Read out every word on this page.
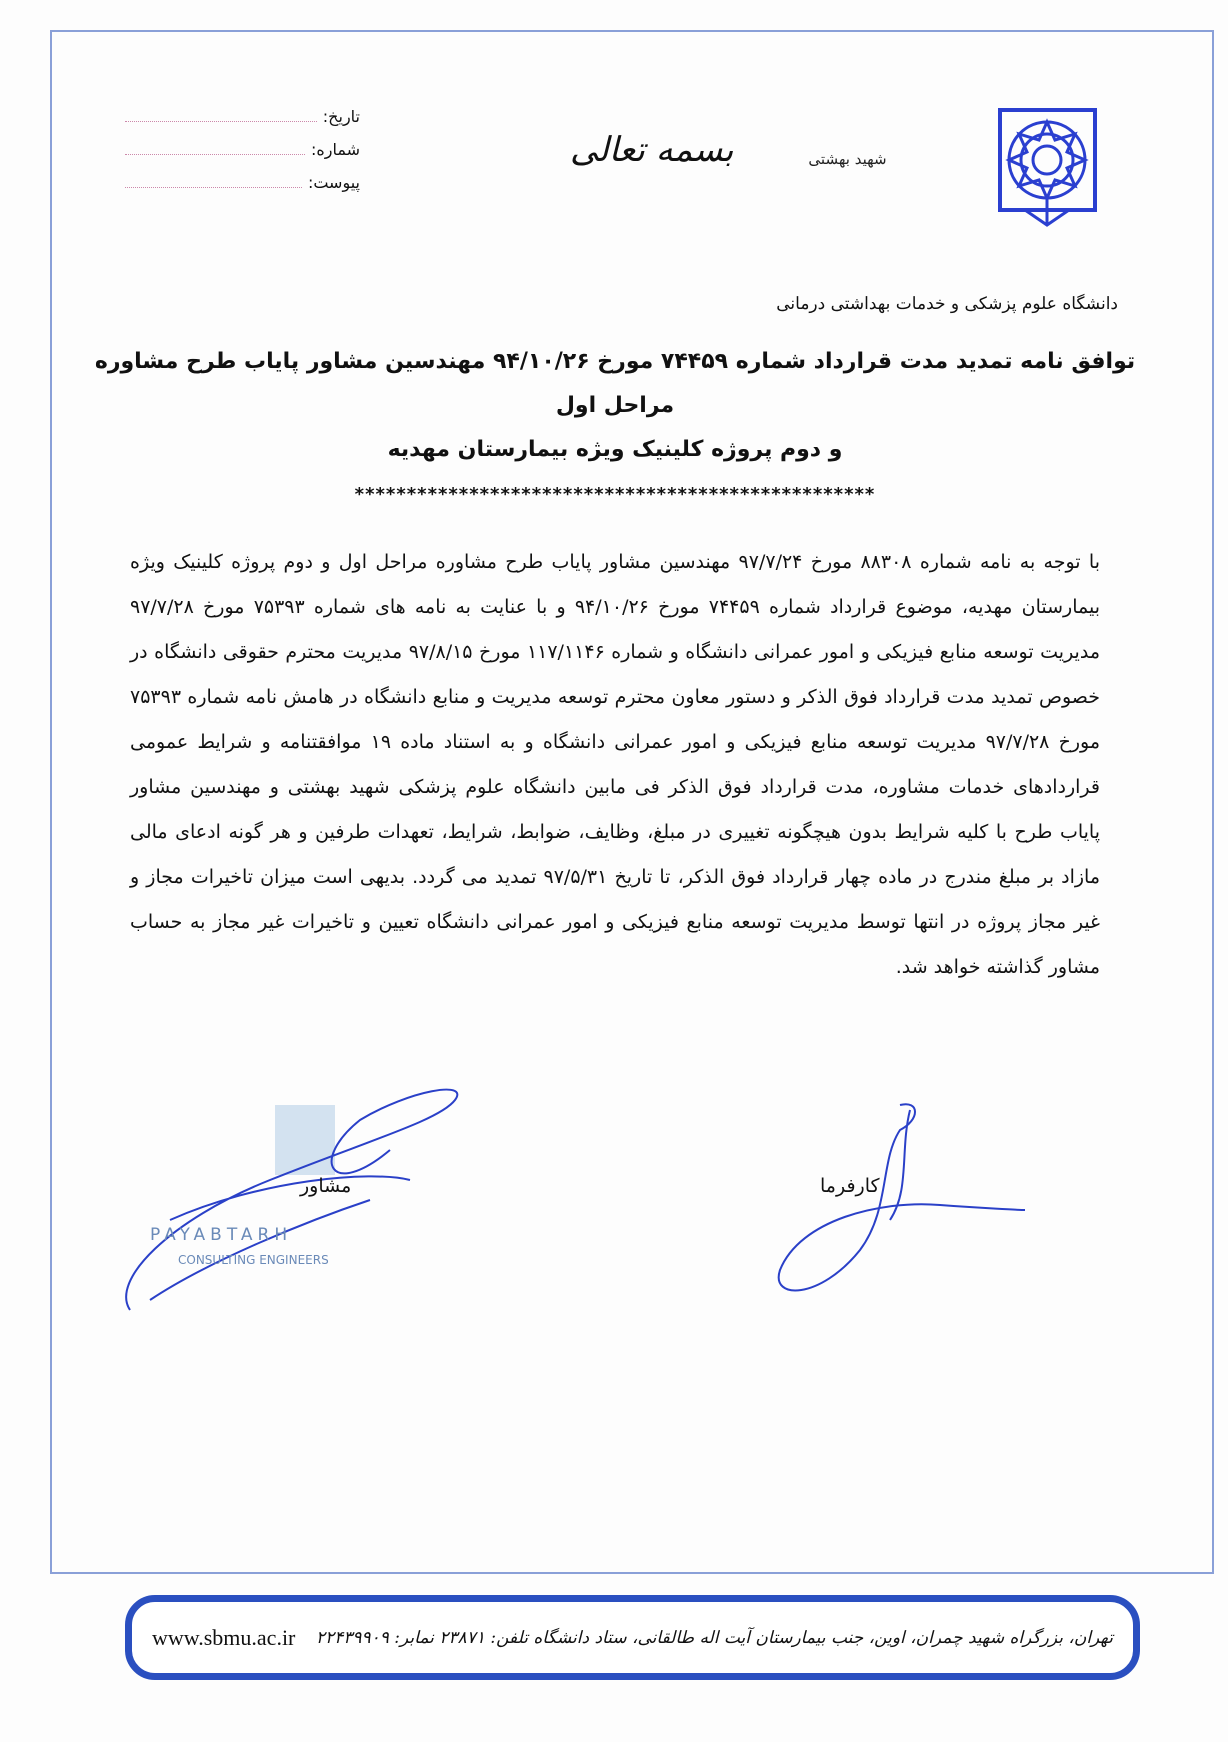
شهید بهشتی
دانشگاه علوم پزشکی و خدمات بهداشتی درمانی
بسمه تعالی
تاریخ:
شماره:
پیوست:
توافق نامه تمدید مدت قرارداد شماره ۷۴۴۵۹ مورخ ۹۴/۱۰/۲۶ مهندسین مشاور پایاب طرح مشاوره مراحل اول
و دوم پروژه کلینیک ویژه بیمارستان مهدیه
**************************************************
با توجه به نامه شماره ۸۸۳۰۸ مورخ ۹۷/۷/۲۴ مهندسین مشاور پایاب طرح مشاوره مراحل اول و دوم پروژه کلینیک ویژه بیمارستان مهدیه، موضوع قرارداد شماره ۷۴۴۵۹ مورخ ۹۴/۱۰/۲۶ و با عنایت به نامه های شماره ۷۵۳۹۳ مورخ ۹۷/۷/۲۸ مدیریت توسعه منابع فیزیکی و امور عمرانی دانشگاه و شماره ۱۱۷/۱۱۴۶ مورخ ۹۷/۸/۱۵ مدیریت محترم حقوقی دانشگاه در خصوص تمدید مدت قرارداد فوق الذکر و دستور معاون محترم توسعه مدیریت و منابع دانشگاه در هامش نامه شماره ۷۵۳۹۳ مورخ ۹۷/۷/۲۸ مدیریت توسعه منابع فیزیکی و امور عمرانی دانشگاه و به استناد ماده ۱۹ موافقتنامه و شرایط عمومی قراردادهای خدمات مشاوره، مدت قرارداد فوق الذکر فی مابین دانشگاه علوم پزشکی شهید بهشتی و مهندسین مشاور پایاب طرح با کلیه شرایط بدون هیچگونه تغییری در مبلغ، وظایف، ضوابط، شرایط، تعهدات طرفین و هر گونه ادعای مالی مازاد بر مبلغ مندرج در ماده چهار قرارداد فوق الذکر، تا تاریخ ۹۷/۵/۳۱ تمدید می گردد. بدیهی است میزان تاخیرات مجاز و غیر مجاز پروژه در انتها توسط مدیریت توسعه منابع فیزیکی و امور عمرانی دانشگاه تعیین و تاخیرات غیر مجاز به حساب مشاور گذاشته خواهد شد.
مشاور
PAYABTARH
CONSULTING ENGINEERS
کارفرما
www.sbmu.ac.ir تهران، بزرگراه شهید چمران، اوین، جنب بیمارستان آیت اله طالقانی، ستاد دانشگاه تلفن: ۲۳۸۷۱ نمابر: ۲۲۴۳۹۹۰۹
